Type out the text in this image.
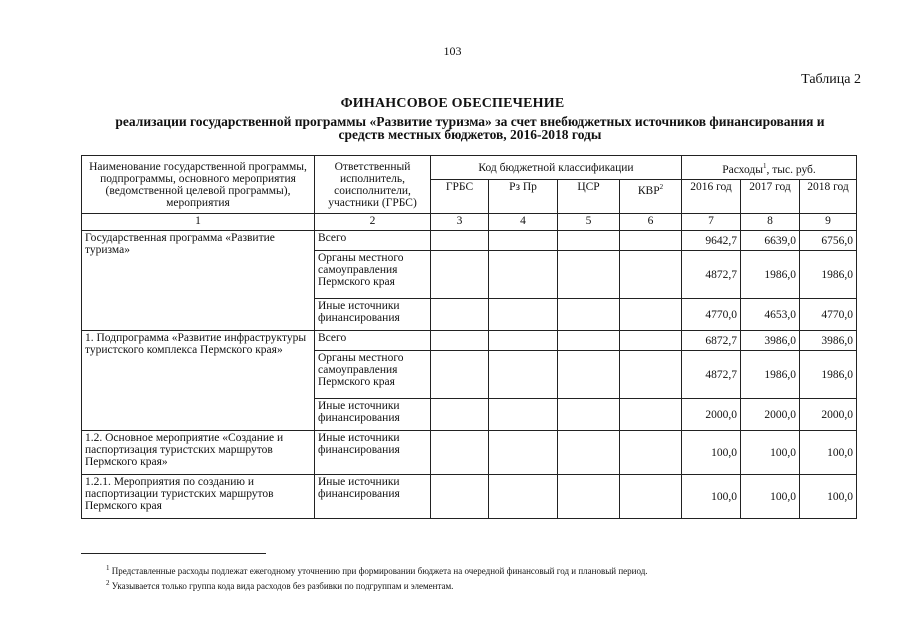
103
Таблица 2
ФИНАНСОВОЕ ОБЕСПЕЧЕНИЕ
реализации государственной программы «Развитие туризма» за счет внебюджетных источников финансирования и средств местных бюджетов, 2016-2018 годы
Наименование государственной программы, подпрограммы, основного мероприятия (ведомственной целевой программы), мероприятия	Ответственный исполнитель, соисполнители, участники (ГРБС)	Код бюджетной классификации				Расходы$^1$, тыс. руб.		
		ГРБС	Рз Пр	ЦСР	КВР$^2$	2016 год	2017 год	2018 год
1	2	3	4	5	6	7	8	9
Государственная программа «Развитие туризма»	Всего					9642,7	6639,0	6756,0
	Органы местного самоуправления Пермского края					4872,7	1986,0	1986,0
	Иные источники финансирования					4770,0	4653,0	4770,0
1. Подпрограмма «Развитие инфраструктуры туристского комплекса Пермского края»	Всего					6872,7	3986,0	3986,0
	Органы местного самоуправления Пермского края					4872,7	1986,0	1986,0
	Иные источники финансирования					2000,0	2000,0	2000,0
1.2. Основное мероприятие «Создание и паспортизация туристских маршрутов Пермского края»	Иные источники финансирования					100,0	100,0	100,0
1.2.1. Мероприятия по созданию и паспортизации туристских маршрутов Пермского края	Иные источники финансирования					100,0	100,0	100,0
$^1$ Представленные расходы подлежат ежегодному уточнению при формировании бюджета на очередной финансовый год и плановый период.
$^2$ Указывается только группа кода вида расходов без разбивки по подгруппам и элементам.
